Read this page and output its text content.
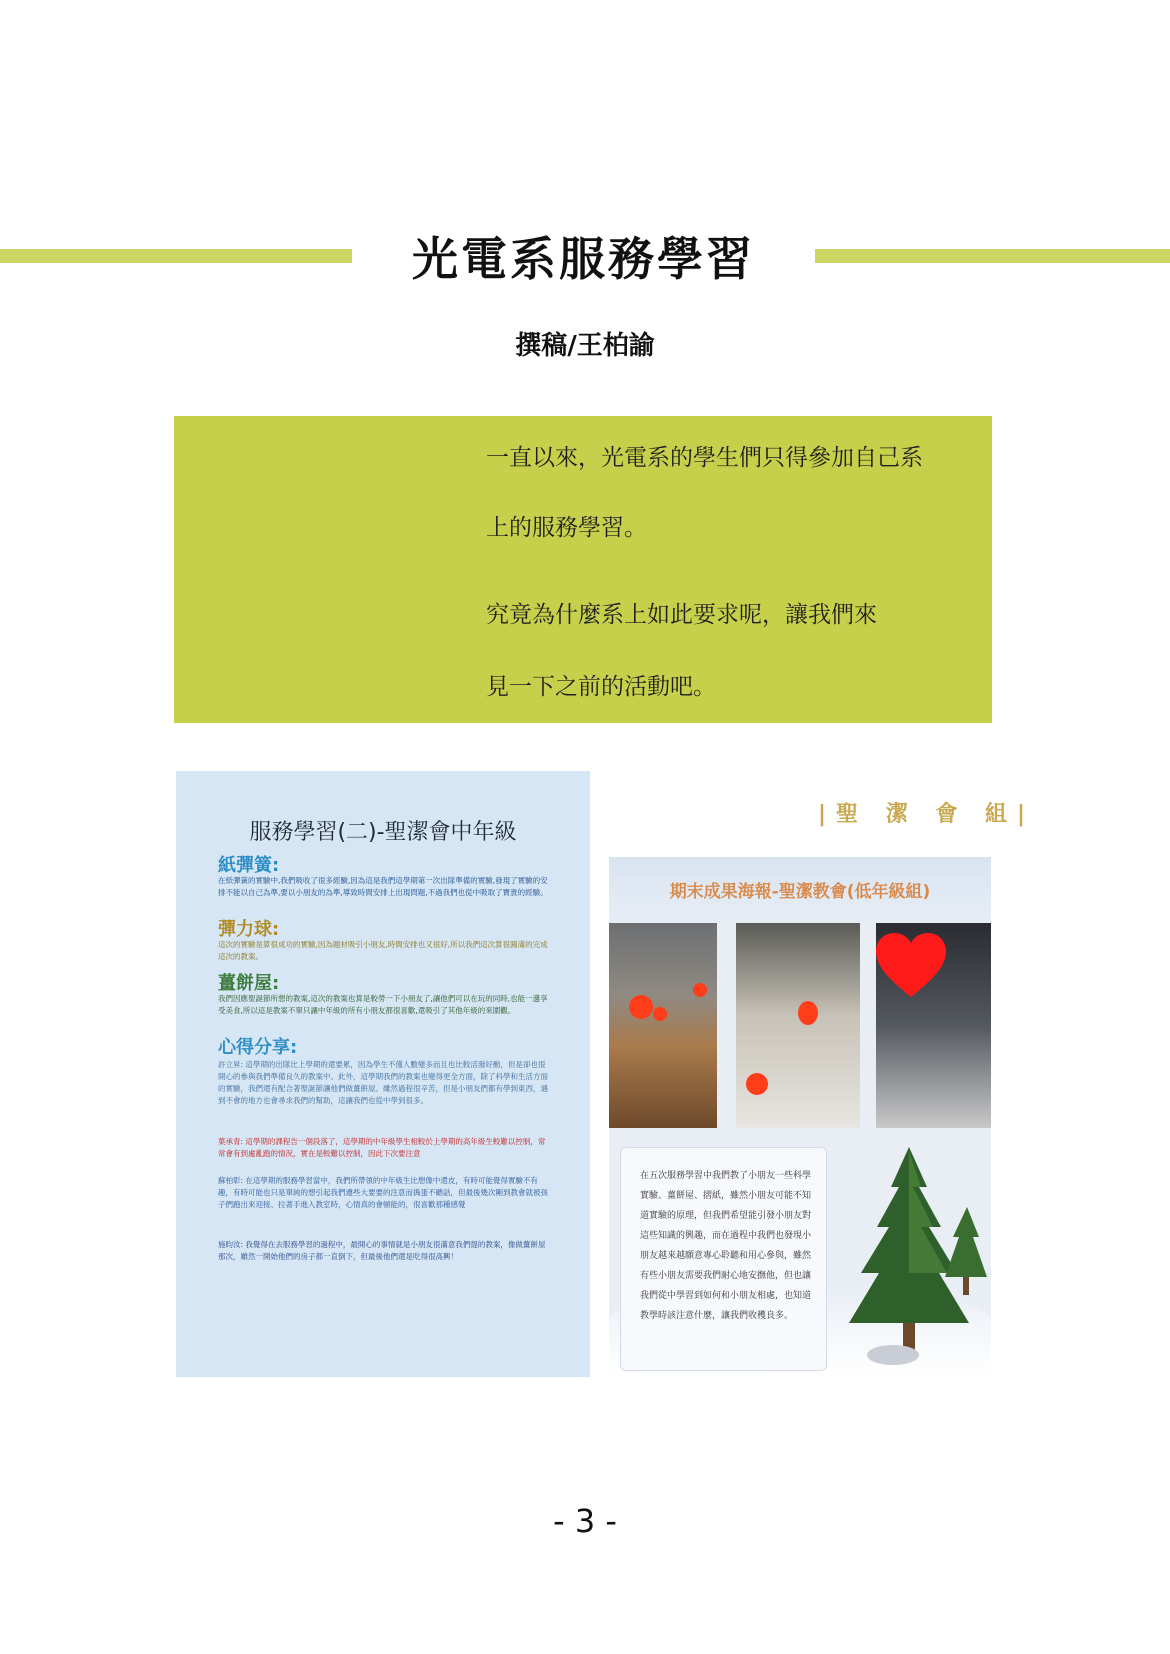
光電系服務學習
撰稿/王柏諭

一直以來，光電系的學生們只得參加自己系

上的服務學習。

究竟為什麼系上如此要求呢，讓我們來

見一下之前的活動吧。

服務學習(二)-聖潔會中年級
紙彈簧:

在紙彈簧的實驗中,我們吸收了很多經驗,因為這是我們這學期第一次出隊準備的實驗,發現了實驗的安排不能以自己為準,要以小朋友的為準,導致時間安排上出現問題,不過我們也從中吸取了寶貴的經驗。

彈力球:

這次的實驗是算很成功的實驗,因為題材吸引小朋友,時間安排也又很好,所以我們這次算很圓滿的完成這次的教案。

薑餅屋:

我們因應聖誕節所想的教案,這次的教案也算是較勞一下小朋友了,讓他們可以在玩的同時,也能一邊享受美食,所以這是教案不單只讓中年級的所有小朋友都很喜歡,還吸引了其他年級的來圍觀。

心得分享:

許立昇: 這學期的出隊比上學期的還要累，因為學生不僅人數變多而且也比較活潑好動，但是卻也很開心的參與我們準備良久的教案中。此外，這學期我們的教案也變得更全方面，除了科學和生活方面的實驗，我們還有配合著聖誕節讓他們做薑餅屋。雖然過程很辛苦，但是小朋友們都有學到東西，遇到不會的地方也會尋求我們的幫助，這讓我們也從中學到很多。

葉承青: 這學期的課程告一個段落了，這學期的中年級學生相較於上學期的高年級生較難以控制，常常會有到處亂跑的情況，實在是較難以控制，因此下次要注意

蘇柏彰: 在這學期的服務學習當中，我們所帶領的中年級生比想像中還皮，有時可能覺得實驗不有趣，有時可能也只是單純的想引起我們遵些大要要的注意而搗蛋不聽話，但最後幾次剛到教會就被孩子們跑出來迎接、拉著手進入教室時，心情真的會頓能的，很喜歡那種感覺

施昀汝: 我覺得在去服務學習的過程中，最開心的事情就是小朋友很滿意我們提的教案，像做薑餅屋那次，雖然一開始他們的房子都一直倒下，但最後他們還是吃得很高興！

|聖 潔 會 組|
期末成果海報-聖潔教會(低年級組)

在五次服務學習中我們教了小朋友一些科學實驗、薑餅屋、摺紙，雖然小朋友可能不知道實驗的原理，但我們希望能引發小朋友對這些知識的興趣，而在過程中我們也發現小朋友越來越願意專心聆聽和用心參與，雖然有些小朋友需要我們耐心地安撫他，但也讓我們從中學習到如何和小朋友相處，也知道教學時該注意什麼，讓我們收穫良多。

- 3 -
